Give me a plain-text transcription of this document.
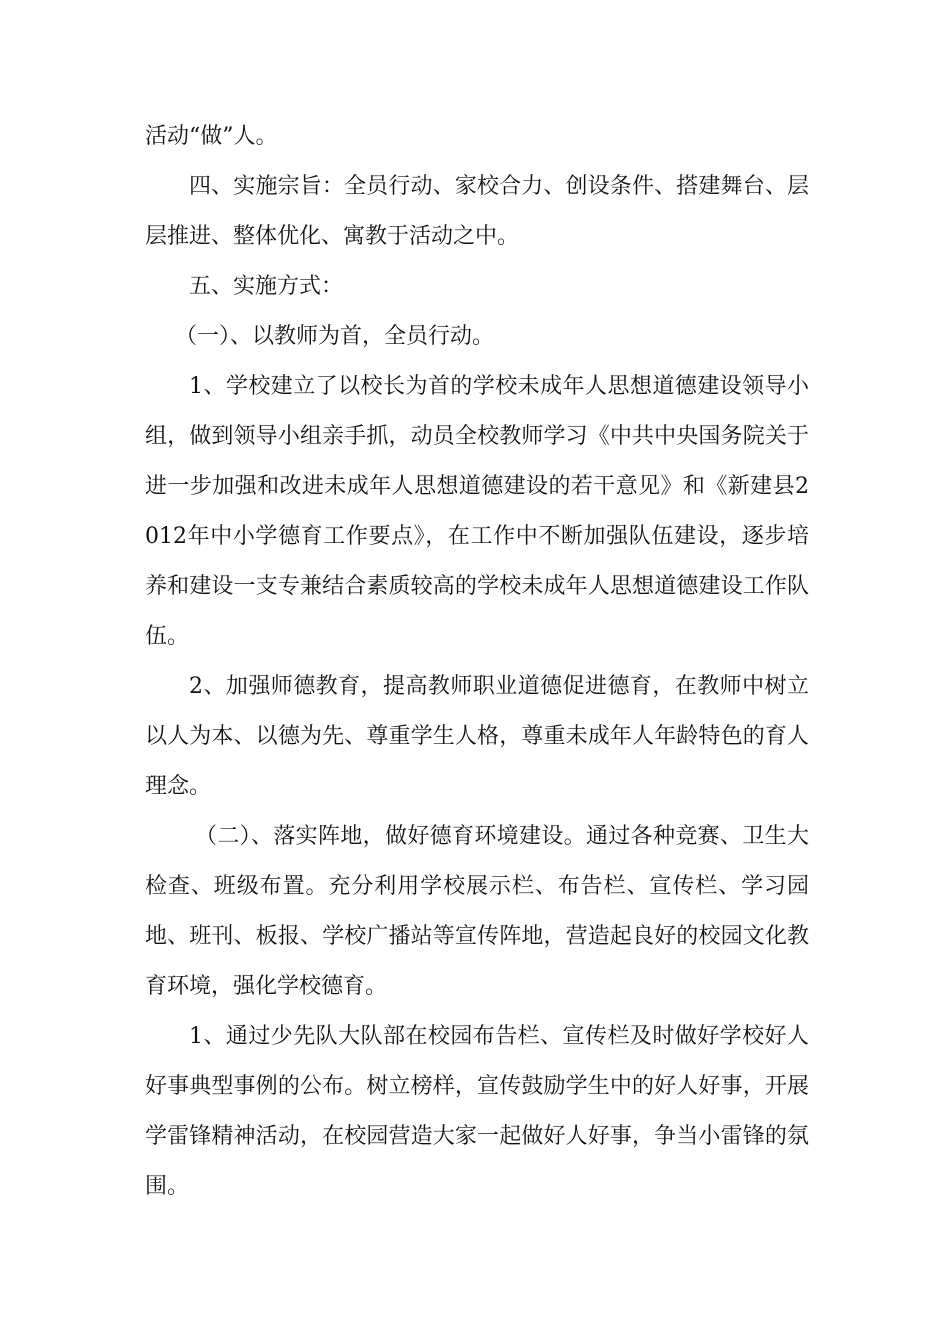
活动“做”人。

四、实施宗旨：全员行动、家校合力、创设条件、搭建舞台、层层推进、整体优化、寓教于活动之中。

五、实施方式：

（一）、以教师为首，全员行动。

1、学校建立了以校长为首的学校未成年人思想道德建设领导小组，做到领导小组亲手抓，动员全校教师学习《中共中央国务院关于进一步加强和改进未成年人思想道德建设的若干意见》和《新建县2012年中小学德育工作要点》，在工作中不断加强队伍建设，逐步培养和建设一支专兼结合素质较高的学校未成年人思想道德建设工作队伍。

2、加强师德教育，提高教师职业道德促进德育，在教师中树立以人为本、以德为先、尊重学生人格，尊重未成年人年龄特色的育人理念。

（二）、落实阵地，做好德育环境建设。通过各种竞赛、卫生大检查、班级布置。充分利用学校展示栏、布告栏、宣传栏、学习园地、班刊、板报、学校广播站等宣传阵地，营造起良好的校园文化教育环境，强化学校德育。

1、通过少先队大队部在校园布告栏、宣传栏及时做好学校好人好事典型事例的公布。树立榜样，宣传鼓励学生中的好人好事，开展学雷锋精神活动，在校园营造大家一起做好人好事，争当小雷锋的氛围。
